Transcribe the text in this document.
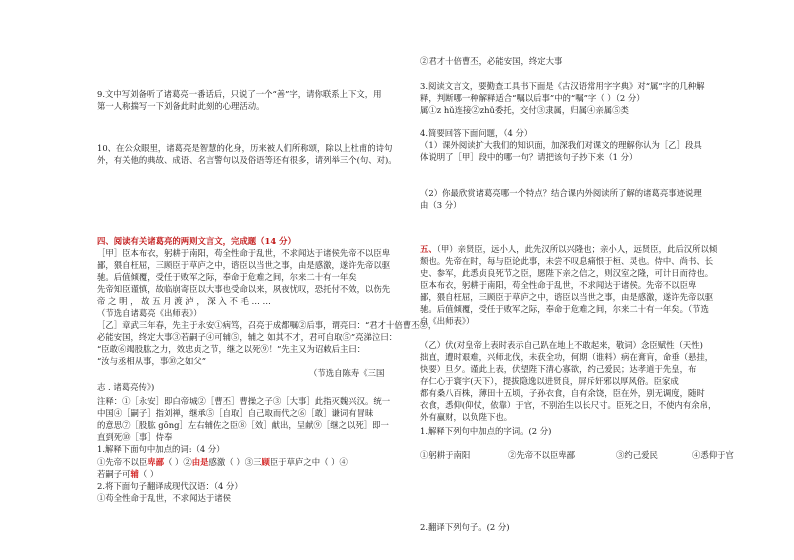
9.文中写刘备听了诸葛亮一番话后，只说了一个“善”字，请你联系上下文，用
第一人称揣写一下刘备此时此刻的心理活动。
10、在公众眼里，诸葛亮是智慧的化身，历来被人们所称颂，除以上杜甫的诗句
外，有关他的典故、成语、名言警句以及俗语等还有很多，请列举三个(句、对)。
四、阅读有关诸葛亮的两则文言文，完成题（14 分）
［甲］臣本布衣，躬耕于南阳，苟全性命于乱世，不求闻达于诸侯先帝不以臣卑
鄙，猥自枉屈，三顾臣于草庐之中，谘臣以当世之事，由是感激，遂许先帝以驱
驰。后值倾覆，受任于败军之际，奉命于危难之间，尔来二十有一年矣
先帝知臣谨慎，故临崩寄臣以大事也受命以来，夙夜忧叹，恐托付不效，以伤先
帝 之 明 ， 故 五 月 渡 泸 ， 深 入 不 毛 … …
（节选自诸葛亮《出师表》）
［乙］章武三年春，先主于永安①病笃，召亮于成都嘱②后事，谓亮曰：“君才十倍曹丕②，
必能安国，终定大事③若嗣子④可辅⑤，辅之 如其不才，君可自取⑤”亮涕泣曰：
“臣敢⑥竭股肱之力，效忠贞之节，继之以死⑨！”先主又为诏敕后主曰：
“汝与丞相从事，事⑩之如父”
（节选自陈寿《三国
志 . 诸葛亮传》)
注释：①［永安］即白帝城②［曹丕］曹操之子③［大事］此指灭魏兴汉。统一
中国④［嗣子］指刘禅，继承⑤［自取］自己取而代之⑥［敢］谦词有冒昧
的意思⑦［股肱 gōng］左右辅佐之臣⑧［效］献出，呈献⑨［继之以死］即一
直到死⑩［事］侍奉
1.解释下面句中加点的词:（4 分）
①先帝不以臣卑鄙（ ）②由是感激（ ）③三顾臣于草庐之中（ ）④
若嗣子可辅（ ）
2.将下面句子翻译成现代汉语：（4 分）
①苟全性命于乱世，不求闻达于诸侯
②君才十倍曹丕，必能安国，终定大事
3.阅读文言文，要勤查工具书下面是《古汉语常用字字典》对“属”字的几种解
释，判断哪一种解释适合“嘱以后事”中的“嘱”字（ ）（2 分）
属①z hǔ连接②zhǔ委托，交付③隶属，归属④亲属⑤类
4.简要回答下面问题，（4 分）
（1）课外阅读扩大我们的知识面，加深我们对课文的理解你认为［乙］段具
体说明了［甲］段中的哪一句？请把该句子抄下来（1 分）
（2）你最欣赏诸葛亮哪一个特点？结合课内外阅读所了解的诸葛亮事迹说理
由（3 分）
五、（甲）亲贤臣，远小人，此先汉所以兴隆也；亲小人，远贤臣，此后汉所以倾
颓也。先帝在时，每与臣论此事，未尝不叹息痛恨于桓、灵也。侍中、尚书、长
史、参军，此悉贞良死节之臣，愿陛下亲之信之，则汉室之隆，可计日而待也。
臣本布衣，躬耕于南阳，苟全性命于乱世，不求闻达于诸侯。先帝不以臣卑
鄙，猥自枉屈，三顾臣于草庐之中，谘臣以当世之事，由是感激，遂许先帝以驱
驰。后值倾覆，受任于败军之际，奉命于危难之间，尔来二十有一年矣。（节选
自《出师表》）
（乙）伏(对皇帝上表时表示自己趴在地上不敢起来，敬词）念臣赋性（天性)
拙直，遭时艰难，兴师北伐，未获全功，何期（谁料）病在膏肓，命垂（悬挂，
快要）旦夕。谨此上表，伏望陛下清心寡欲，约己爱民；达孝道于先皇，布
存仁心于寰宇(天下），提拔隐逸以进贤良，屏斥奸邪以厚风俗。臣家成
都有桑八百株，薄田十五顷，子孙衣食，自有余饶，臣在外，别无调度，随时
衣食，悉仰(仰仗，依靠）于官，不别治生以长尺寸。臣死之日，不使内有余帛，
外有赢财，以负陛下也。
1.解释下列句中加点的字词。(2 分)
①躬耕于南阳	②先帝不以臣卑鄙	③约己爱民	④悉仰于官
2.翻译下列句子。(2 分)
